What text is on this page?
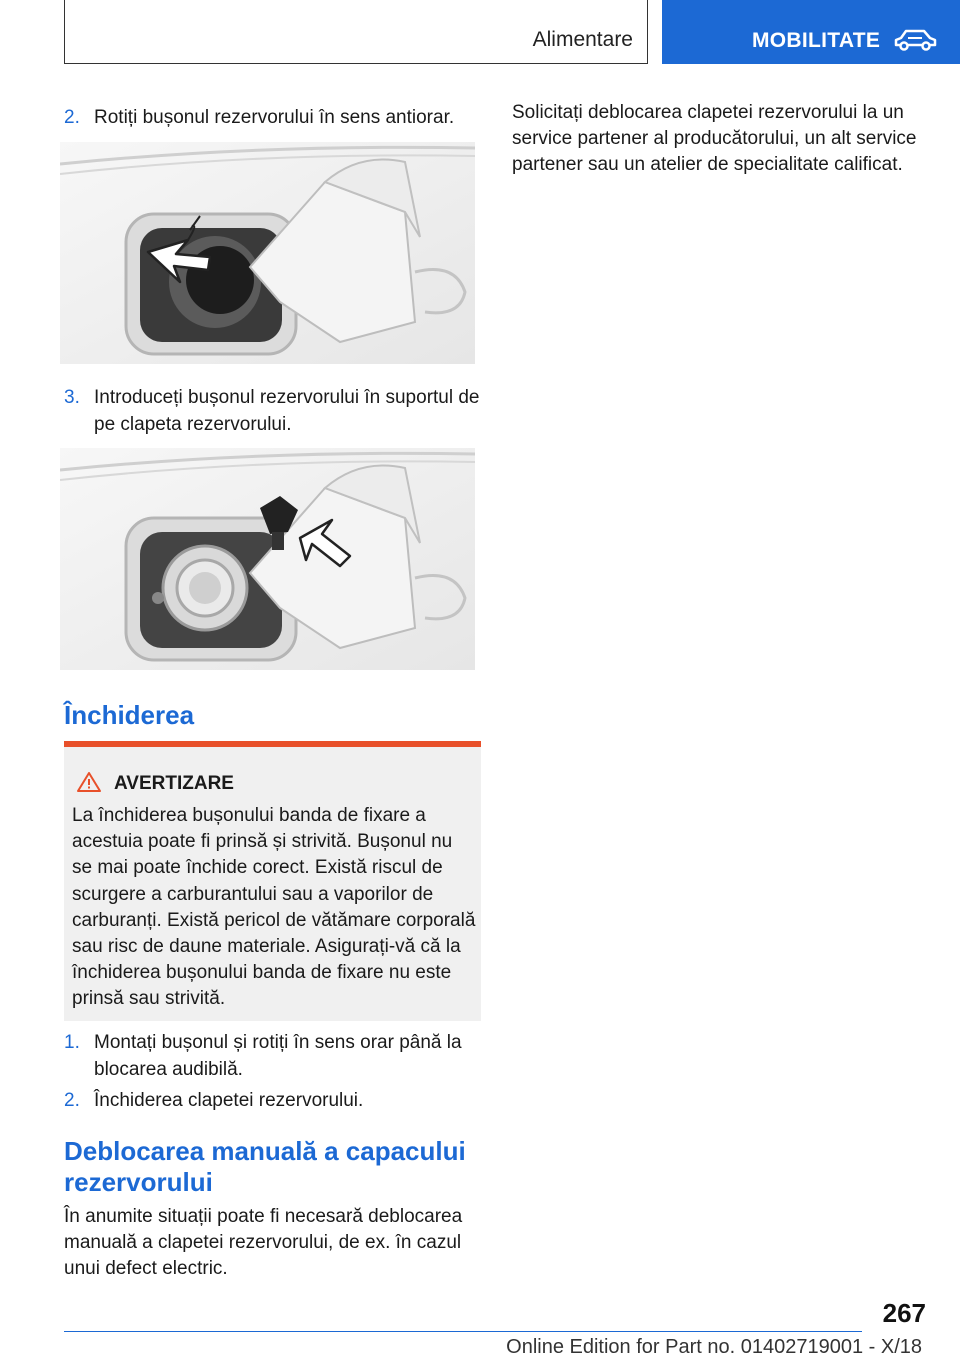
Alimentare	MOBILITATE
2. Rotiți bușonul rezervorului în sens antiorar.
3. Introduceți bușonul rezervorului în suportul de pe clapeta rezervorului.
Închiderea
AVERTIZARE
La închiderea bușonului banda de fixare a acestuia poate fi prinsă și strivită. Bușonul nu se mai poate închide corect. Există riscul de scurgere a carburantului sau a vaporilor de carburanți. Există pericol de vătămare corporală sau risc de daune materiale. Asigurați-vă că la închiderea bușonului banda de fixare nu este prinsă sau strivită.
1. Montați bușonul și rotiți în sens orar până la blocarea audibilă.
2. Închiderea clapetei rezervorului.
Deblocarea manuală a capacului rezervorului
În anumite situații poate fi necesară deblocarea manuală a clapetei rezervorului, de ex. în cazul unui defect electric.
Solicitați deblocarea clapetei rezervorului la un service partener al producătorului, un alt service partener sau un atelier de specialitate calificat.
267
Online Edition for Part no. 01402719001 - X/18
